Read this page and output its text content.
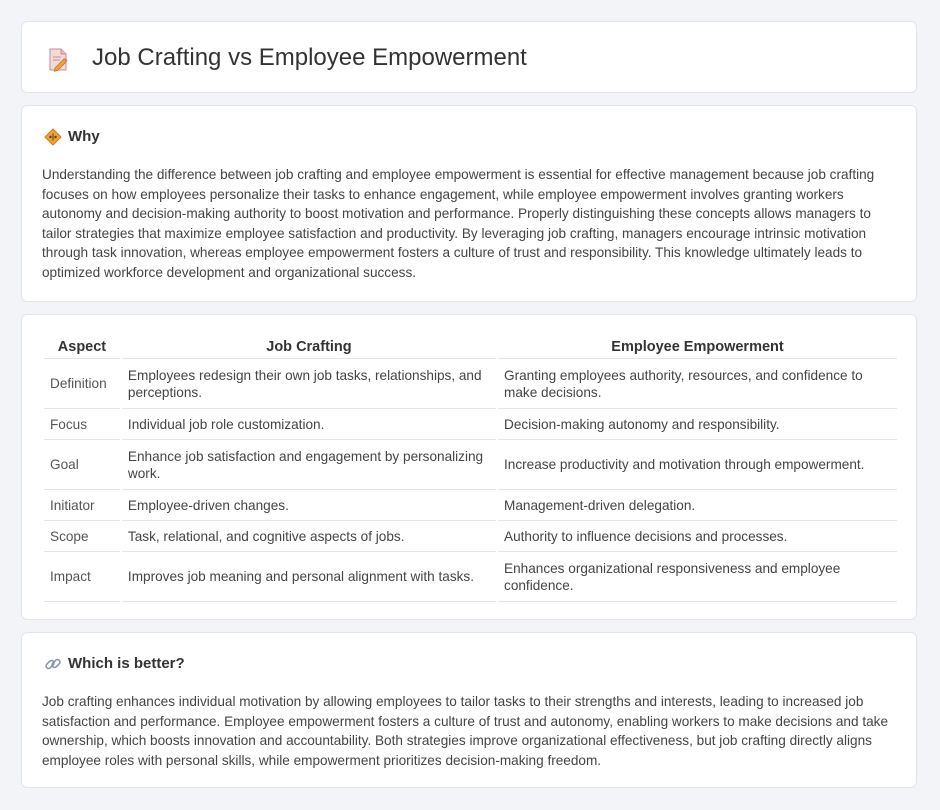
Job Crafting vs Employee Empowerment
Why

Understanding the difference between job crafting and employee empowerment is essential for effective management because job crafting focuses on how employees personalize their tasks to enhance engagement, while employee empowerment involves granting workers autonomy and decision-making authority to boost motivation and performance. Properly distinguishing these concepts allows managers to tailor strategies that maximize employee satisfaction and productivity. By leveraging job crafting, managers encourage intrinsic motivation through task innovation, whereas employee empowerment fosters a culture of trust and responsibility. This knowledge ultimately leads to optimized workforce development and organizational success.

Aspect	Job Crafting	Employee Empowerment
Definition	Employees redesign their own job tasks, relationships, and perceptions.	Granting employees authority, resources, and confidence to make decisions.
Focus	Individual job role customization.	Decision-making autonomy and responsibility.
Goal	Enhance job satisfaction and engagement by personalizing work.	Increase productivity and motivation through empowerment.
Initiator	Employee-driven changes.	Management-driven delegation.
Scope	Task, relational, and cognitive aspects of jobs.	Authority to influence decisions and processes.
Impact	Improves job meaning and personal alignment with tasks.	Enhances organizational responsiveness and employee confidence.
Which is better?

Job crafting enhances individual motivation by allowing employees to tailor tasks to their strengths and interests, leading to increased job satisfaction and performance. Employee empowerment fosters a culture of trust and autonomy, enabling workers to make decisions and take ownership, which boosts innovation and accountability. Both strategies improve organizational effectiveness, but job crafting directly aligns employee roles with personal skills, while empowerment prioritizes decision-making freedom.
